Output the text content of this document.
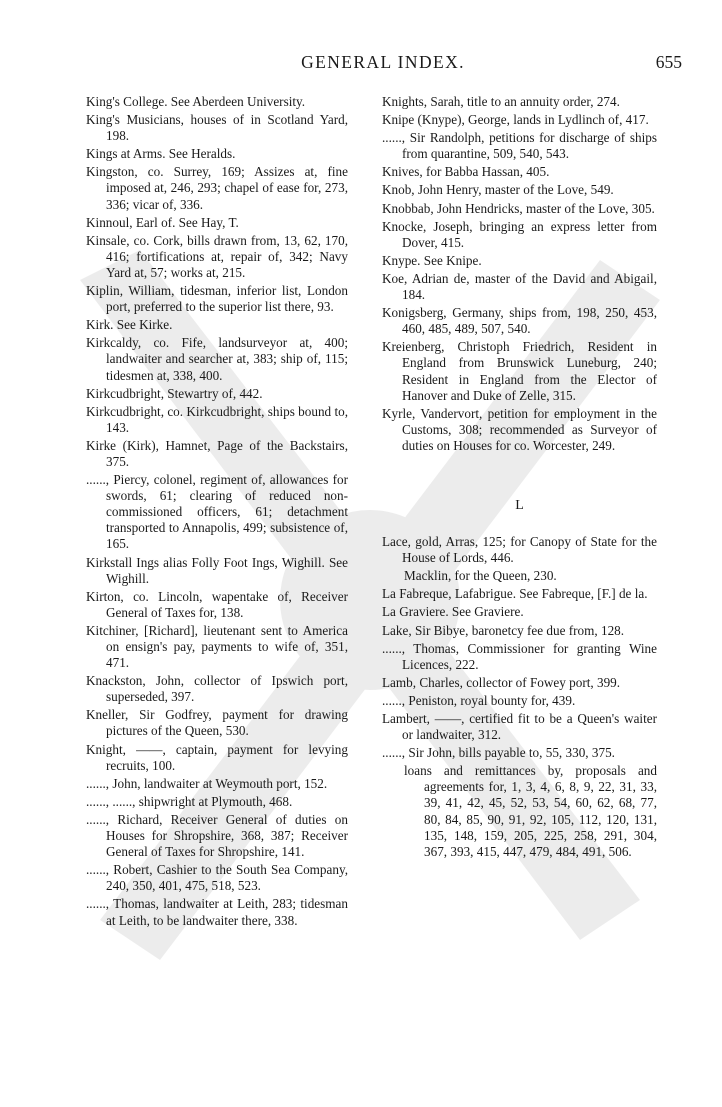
GENERAL INDEX.	655

King's College. See Aberdeen University.

King's Musicians, houses of in Scotland Yard, 198.

Kings at Arms. See Heralds.

Kingston, co. Surrey, 169; Assizes at, fine imposed at, 246, 293; chapel of ease for, 273, 336; vicar of, 336.

Kinnoul, Earl of. See Hay, T.

Kinsale, co. Cork, bills drawn from, 13, 62, 170, 416; fortifications at, repair of, 342; Navy Yard at, 57; works at, 215.

Kiplin, William, tidesman, inferior list, London port, preferred to the superior list there, 93.

Kirk. See Kirke.

Kirkcaldy, co. Fife, landsurveyor at, 400; landwaiter and searcher at, 383; ship of, 115; tidesmen at, 338, 400.

Kirkcudbright, Stewartry of, 442.

Kirkcudbright, co. Kirkcudbright, ships bound to, 143.

Kirke (Kirk), Hamnet, Page of the Backstairs, 375.

......, Piercy, colonel, regiment of, allowances for swords, 61; clearing of reduced non-commissioned officers, 61; detachment transported to Annapolis, 499; subsistence of, 165.

Kirkstall Ings alias Folly Foot Ings, Wighill. See Wighill.

Kirton, co. Lincoln, wapentake of, Receiver General of Taxes for, 138.

Kitchiner, [Richard], lieutenant sent to America on ensign's pay, payments to wife of, 351, 471.

Knackston, John, collector of Ipswich port, superseded, 397.

Kneller, Sir Godfrey, payment for drawing pictures of the Queen, 530.

Knight, ——, captain, payment for levying recruits, 100.

......, John, landwaiter at Weymouth port, 152.

......, ......, shipwright at Plymouth, 468.

......, Richard, Receiver General of duties on Houses for Shropshire, 368, 387; Receiver General of Taxes for Shropshire, 141.

......, Robert, Cashier to the South Sea Company, 240, 350, 401, 475, 518, 523.

......, Thomas, landwaiter at Leith, 283; tidesman at Leith, to be landwaiter there, 338.

Knights, Sarah, title to an annuity order, 274.

Knipe (Knype), George, lands in Lydlinch of, 417.

......, Sir Randolph, petitions for discharge of ships from quarantine, 509, 540, 543.

Knives, for Babba Hassan, 405.

Knob, John Henry, master of the Love, 549.

Knobbab, John Hendricks, master of the Love, 305.

Knocke, Joseph, bringing an express letter from Dover, 415.

Knype. See Knipe.

Koe, Adrian de, master of the David and Abigail, 184.

Konigsberg, Germany, ships from, 198, 250, 453, 460, 485, 489, 507, 540.

Kreienberg, Christoph Friedrich, Resident in England from Brunswick Luneburg, 240; Resident in England from the Elector of Hanover and Duke of Zelle, 315.

Kyrle, Vandervort, petition for employment in the Customs, 308; recommended as Surveyor of duties on Houses for co. Worcester, 249.

L

Lace, gold, Arras, 125; for Canopy of State for the House of Lords, 446.

Macklin, for the Queen, 230.

La Fabreque, Lafabrigue. See Fabreque, [F.] de la.

La Graviere. See Graviere.

Lake, Sir Bibye, baronetcy fee due from, 128.

......, Thomas, Commissioner for granting Wine Licences, 222.

Lamb, Charles, collector of Fowey port, 399.

......, Peniston, royal bounty for, 439.

Lambert, ——, certified fit to be a Queen's waiter or landwaiter, 312.

......, Sir John, bills payable to, 55, 330, 375.

loans and remittances by, proposals and agreements for, 1, 3, 4, 6, 8, 9, 22, 31, 33, 39, 41, 42, 45, 52, 53, 54, 60, 62, 68, 77, 80, 84, 85, 90, 91, 92, 105, 112, 120, 131, 135, 148, 159, 205, 225, 258, 291, 304, 367, 393, 415, 447, 479, 484, 491, 506.
